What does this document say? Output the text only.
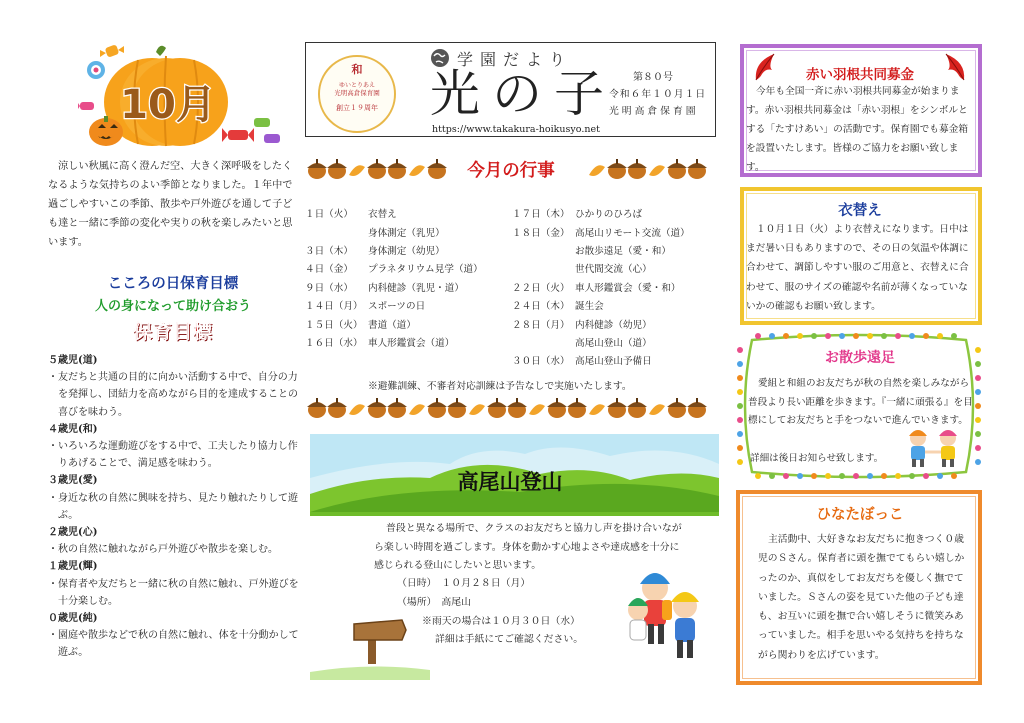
10月
涼しい秋風に高く澄んだ空、大きく深呼吸をしたくなるような気持ちのよい季節となりました。１年中で過ごしやすいこの季節、散歩や戸外遊びを通して子ども達と一緒に季節の変化や実りの秋を楽しみたいと思います。
こころの日保育目標
人の身になって助け合おう
保育目標
５歳児(道)
・友だちと共通の目的に向かい活動する中で、自分の力を発揮し、団結力を高めながら目的を達成することの喜びを味わう。
４歳児(和)
・いろいろな運動遊びをする中で、工夫したり協力し作りあげることで、満足感を味わう。
３歳児(愛)
・身近な秋の自然に興味を持ち、見たり触れたりして遊ぶ。
２歳児(心)
・秋の自然に触れながら戸外遊びや散歩を楽しむ。
１歳児(輝)
・保育者や友だちと一緒に秋の自然に触れ、戸外遊びを十分楽しむ。
０歳児(純)
・園庭や散歩などで秋の自然に触れ、体を十分動かして遊ぶ。
和
ゆいとりあえ
光明高倉保育園
創立１９周年
学園だより
光の子
https://www.takakura-hoikusyo.net
第８０号
令和６年１０月１日
光明高倉保育園
今月の行事
１日（火）	衣替え
身体測定（乳児）
３日（木）	身体測定（幼児）
４日（金）	プラネタリウム見学（道）
９日（水）	内科健診（乳児・道）
１４日（月） スポーツの日
１５日（火） 書道（道）
１６日（水） 車人形鑑賞会（道）
１７日（木） ひかりのひろば
１８日（金） 高尾山リモート交流（道）
お散歩遠足（愛・和）
世代間交流（心）
２２日（火） 車人形鑑賞会（愛・和）
２４日（木） 誕生会
２８日（月） 内科健診（幼児）
高尾山登山（道）
３０日（水） 高尾山登山予備日
※避難訓練、不審者対応訓練は予告なしで実施いたします。
高尾山登山
普段と異なる場所で、クラスのお友だちと協力し声を掛け合いながら楽しい時間を過ごします。身体を動かす心地よさや達成感を十分に感じられる登山にしたいと思います。
（日時）　１０月２８日（月）
（場所）　高尾山
※雨天の場合は１０月３０日（水）
詳細は手紙にてご確認ください。
赤い羽根共同募金
今年も全国一斉に赤い羽根共同募金が始まります。赤い羽根共同募金は「赤い羽根」をシンボルとする「たすけあい」の活動です。保育園でも募金箱を設置いたします。皆様のご協力をお願い致します。
衣替え
１０月１日（火）より衣替えになります。日中はまだ暑い日もありますので、その日の気温や体調に合わせて、調節しやすい服のご用意と、衣替えに合わせて、服のサイズの確認や名前が薄くなっていないかの確認もお願い致します。
お散歩遠足
愛組と和組のお友だちが秋の自然を楽しみながら普段より長い距離を歩きます。『一緒に頑張る』を目標にしてお友だちと手をつないで進んでいきます。
詳細は後日お知らせ致します。
ひなたぼっこ
主活動中、大好きなお友だちに抱きつく０歳児のＳさん。保育者に頭を撫でてもらい嬉しかったのか、真似をしてお友だちを優しく撫でていました。Ｓさんの姿を見ていた他の子ども達も、お互いに頭を撫で合い嬉しそうに微笑みあっていました。相手を思いやる気持ちを持ちながら関わりを広げています。
